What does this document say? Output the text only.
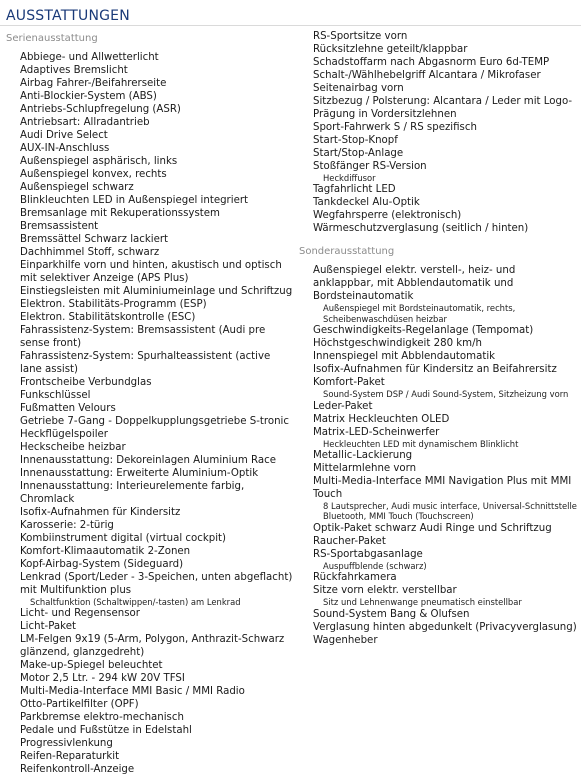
AUSSTATTUNGEN
Serienausstattung
Abbiege- und Allwetterlicht
Adaptives Bremslicht
Airbag Fahrer-/Beifahrerseite
Anti-Blockier-System (ABS)
Antriebs-Schlupfregelung (ASR)
Antriebsart: Allradantrieb
Audi Drive Select
AUX-IN-Anschluss
Außenspiegel asphärisch, links
Außenspiegel konvex, rechts
Außenspiegel schwarz
Blinkleuchten LED in Außenspiegel integriert
Bremsanlage mit Rekuperationssystem
Bremsassistent
Bremssättel Schwarz lackiert
Dachhimmel Stoff, schwarz
Einparkhilfe vorn und hinten, akustisch und optisch mit selektiver Anzeige (APS Plus)
Einstiegsleisten mit Aluminiumeinlage und Schriftzug
Elektron. Stabilitäts-Programm (ESP)
Elektron. Stabilitätskontrolle (ESC)
Fahrassistenz-System: Bremsassistent (Audi pre sense front)
Fahrassistenz-System: Spurhalteassistent (active lane assist)
Frontscheibe Verbundglas
Funkschlüssel
Fußmatten Velours
Getriebe 7-Gang - Doppelkupplungsgetriebe S-tronic
Heckflügelspoiler
Heckscheibe heizbar
Innenausstattung: Dekoreinlagen Aluminium Race
Innenausstattung: Erweiterte Aluminium-Optik
Innenausstattung: Interieurelemente farbig, Chromlack
Isofix-Aufnahmen für Kindersitz
Karosserie: 2-türig
Kombiinstrument digital (virtual cockpit)
Komfort-Klimaautomatik 2-Zonen
Kopf-Airbag-System (Sideguard)
Lenkrad (Sport/Leder - 3-Speichen, unten abgeflacht) mit Multifunktion plus
Schaltfunktion (Schaltwippen/-tasten) am Lenkrad
Licht- und Regensensor
Licht-Paket
LM-Felgen 9x19 (5-Arm, Polygon, Anthrazit-Schwarz glänzend, glanzgedreht)
Make-up-Spiegel beleuchtet
Motor 2,5 Ltr. - 294 kW 20V TFSI
Multi-Media-Interface MMI Basic / MMI Radio
Otto-Partikelfilter (OPF)
Parkbremse elektro-mechanisch
Pedale und Fußstütze in Edelstahl
Progressivlenkung
Reifen-Reparaturkit
Reifenkontroll-Anzeige
RS-Sportsitze vorn
Rücksitzlehne geteilt/klappbar
Schadstoffarm nach Abgasnorm Euro 6d-TEMP
Schalt-/Wählhebelgriff Alcantara / Mikrofaser
Seitenairbag vorn
Sitzbezug / Polsterung: Alcantara / Leder mit Logo-Prägung in Vordersitzlehnen
Sport-Fahrwerk S / RS spezifisch
Start-Stop-Knopf
Start/Stop-Anlage
Stoßfänger RS-Version
Heckdiffusor
Tagfahrlicht LED
Tankdeckel Alu-Optik
Wegfahrsperre (elektronisch)
Wärmeschutzverglasung (seitlich / hinten)
Sonderausstattung
Außenspiegel elektr. verstell-, heiz- und anklappbar, mit Abblendautomatik und Bordsteinautomatik
Außenspiegel mit Bordsteinautomatik, rechts,
Scheibenwaschdüsen heizbar
Geschwindigkeits-Regelanlage (Tempomat)
Höchstgeschwindigkeit 280 km/h
Innenspiegel mit Abblendautomatik
Isofix-Aufnahmen für Kindersitz an Beifahrersitz
Komfort-Paket
Sound-System DSP / Audi Sound-System, Sitzheizung vorn
Leder-Paket
Matrix Heckleuchten OLED
Matrix-LED-Scheinwerfer
Heckleuchten LED mit dynamischem Blinklicht
Metallic-Lackierung
Mittelarmlehne vorn
Multi-Media-Interface MMI Navigation Plus mit MMI Touch
8 Lautsprecher, Audi music interface, Universal-Schnittstelle
Bluetooth, MMI Touch (Touchscreen)
Optik-Paket schwarz Audi Ringe und Schriftzug
Raucher-Paket
RS-Sportabgasanlage
Auspuffblende (schwarz)
Rückfahrkamera
Sitze vorn elektr. verstellbar
Sitz und Lehnenwange pneumatisch einstellbar
Sound-System Bang & Olufsen
Verglasung hinten abgedunkelt (Privacyverglasung)
Wagenheber
